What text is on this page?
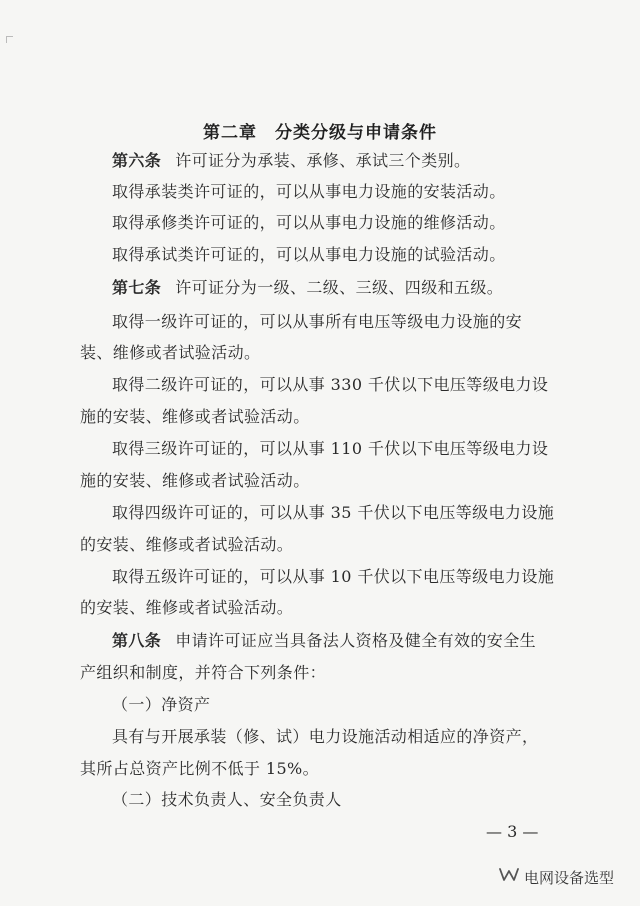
第二章　分类分级与申请条件
第六条 许可证分为承装、承修、承试三个类别。
取得承装类许可证的，可以从事电力设施的安装活动。
取得承修类许可证的，可以从事电力设施的维修活动。
取得承试类许可证的，可以从事电力设施的试验活动。
第七条 许可证分为一级、二级、三级、四级和五级。
取得一级许可证的，可以从事所有电压等级电力设施的安
装、维修或者试验活动。
取得二级许可证的，可以从事 330 千伏以下电压等级电力设
施的安装、维修或者试验活动。
取得三级许可证的，可以从事 110 千伏以下电压等级电力设
施的安装、维修或者试验活动。
取得四级许可证的，可以从事 35 千伏以下电压等级电力设施
的安装、维修或者试验活动。
取得五级许可证的，可以从事 10 千伏以下电压等级电力设施
的安装、维修或者试验活动。
第八条 申请许可证应当具备法人资格及健全有效的安全生
产组织和制度，并符合下列条件：
（一）净资产
具有与开展承装（修、试）电力设施活动相适应的净资产，
其所占总资产比例不低于 15%。
（二）技术负责人、安全负责人
— 3 —
电网设备选型
